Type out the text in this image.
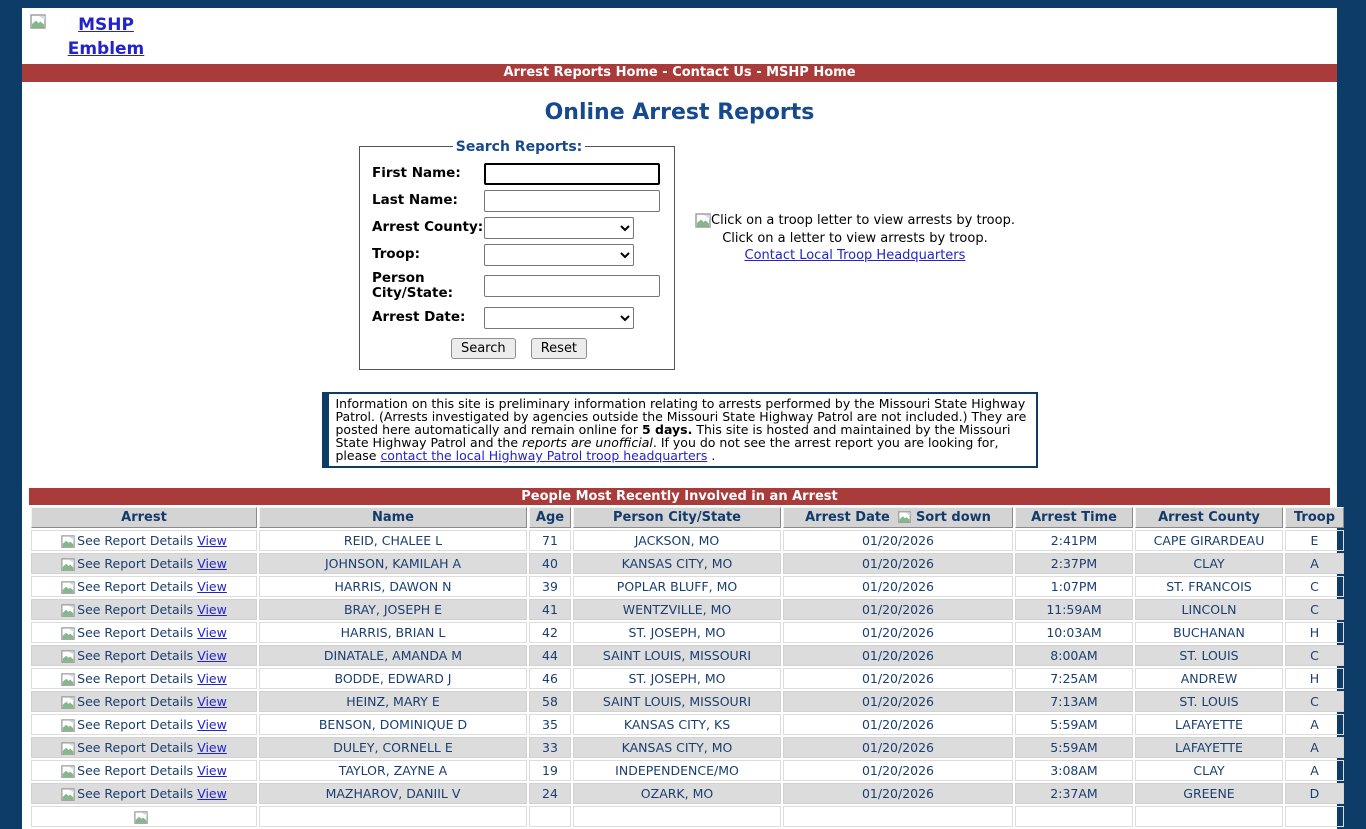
MSHP Emblem
Arrest Reports Home - Contact Us - MSHP Home
Online Arrest Reports
Search Reports:
First Name:
Last Name:
Arrest County:
Troop:
Person City/State:
Arrest Date:
Search	Reset
Click on a troop letter to view arrests by troop.
Click on a letter to view arrests by troop.
Contact Local Troop Headquarters
Information on this site is preliminary information relating to arrests performed by the Missouri State Highway Patrol. (Arrests investigated by agencies outside the Missouri State Highway Patrol are not included.) They are posted here automatically and remain online for 5 days. This site is hosted and maintained by the Missouri State Highway Patrol and the reports are unofficial. If you do not see the arrest report you are looking for, please contact the local Highway Patrol troop headquarters .
People Most Recently Involved in an Arrest
Arrest	Name	Age	Person City/State	Arrest Date Sort down	Arrest Time	Arrest County	Troop
See Report Details View	REID, CHALEE L	71	JACKSON, MO	01/20/2026	2:41PM	CAPE GIRARDEAU	E
See Report Details View	JOHNSON, KAMILAH A	40	KANSAS CITY, MO	01/20/2026	2:37PM	CLAY	A
See Report Details View	HARRIS, DAWON N	39	POPLAR BLUFF, MO	01/20/2026	1:07PM	ST. FRANCOIS	C
See Report Details View	BRAY, JOSEPH E	41	WENTZVILLE, MO	01/20/2026	11:59AM	LINCOLN	C
See Report Details View	HARRIS, BRIAN L	42	ST. JOSEPH, MO	01/20/2026	10:03AM	BUCHANAN	H
See Report Details View	DINATALE, AMANDA M	44	SAINT LOUIS, MISSOURI	01/20/2026	8:00AM	ST. LOUIS	C
See Report Details View	BODDE, EDWARD J	46	ST. JOSEPH, MO	01/20/2026	7:25AM	ANDREW	H
See Report Details View	HEINZ, MARY E	58	SAINT LOUIS, MISSOURI	01/20/2026	7:13AM	ST. LOUIS	C
See Report Details View	BENSON, DOMINIQUE D	35	KANSAS CITY, KS	01/20/2026	5:59AM	LAFAYETTE	A
See Report Details View	DULEY, CORNELL E	33	KANSAS CITY, MO	01/20/2026	5:59AM	LAFAYETTE	A
See Report Details View	TAYLOR, ZAYNE A	19	INDEPENDENCE/MO	01/20/2026	3:08AM	CLAY	A
See Report Details View	MAZHAROV, DANIIL V	24	OZARK, MO	01/20/2026	2:37AM	GREENE	D
